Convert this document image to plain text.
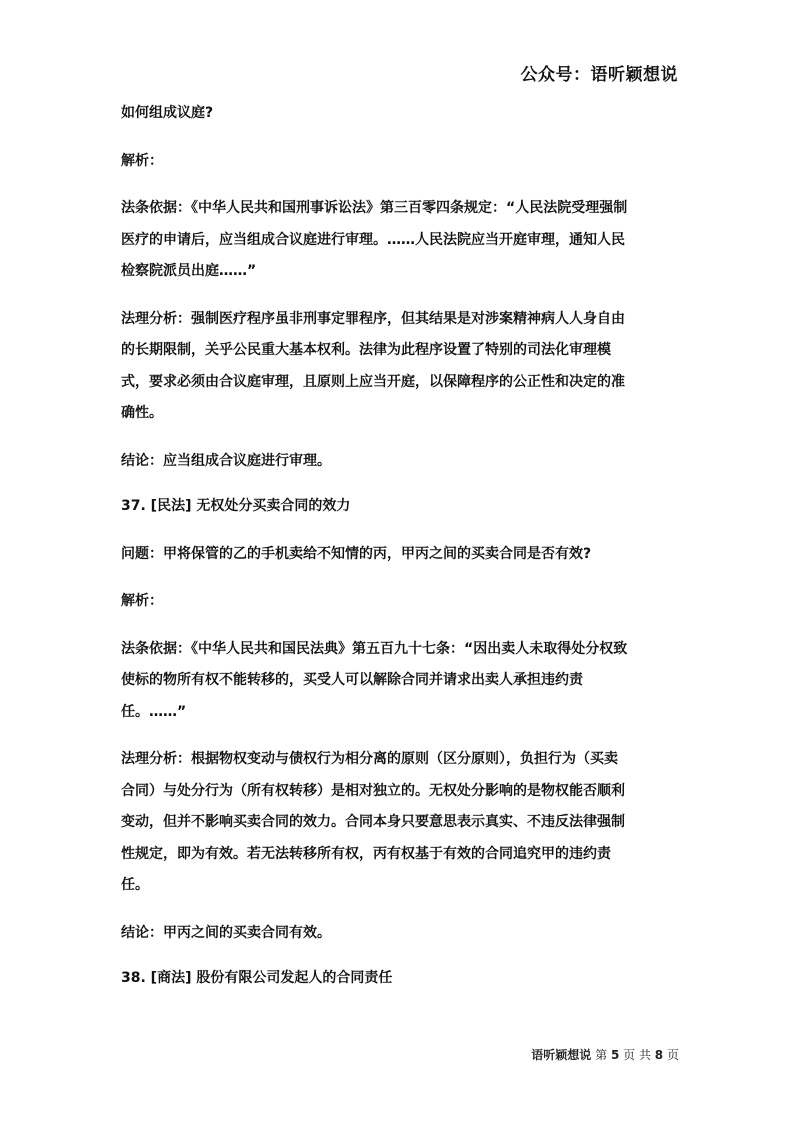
公众号：语听颖想说

如何组成议庭?

解析：

法条依据：《中华人民共和国刑事诉讼法》第三百零四条规定：“人民法院受理强制医疗的申请后，应当组成合议庭进行审理。……人民法院应当开庭审理，通知人民检察院派员出庭……”

法理分析：强制医疗程序虽非刑事定罪程序，但其结果是对涉案精神病人人身自由的长期限制，关乎公民重大基本权利。法律为此程序设置了特别的司法化审理模式，要求必须由合议庭审理，且原则上应当开庭，以保障程序的公正性和决定的准确性。

结论：应当组成合议庭进行审理。

37. [民法] 无权处分买卖合同的效力

问题：甲将保管的乙的手机卖给不知情的丙，甲丙之间的买卖合同是否有效?

解析：

法条依据：《中华人民共和国民法典》第五百九十七条：“因出卖人未取得处分权致使标的物所有权不能转移的，买受人可以解除合同并请求出卖人承担违约责任。……”

法理分析：根据物权变动与债权行为相分离的原则（区分原则），负担行为（买卖合同）与处分行为（所有权转移）是相对独立的。无权处分影响的是物权能否顺利变动，但并不影响买卖合同的效力。合同本身只要意思表示真实、不违反法律强制性规定，即为有效。若无法转移所有权，丙有权基于有效的合同追究甲的违约责任。

结论：甲丙之间的买卖合同有效。

38. [商法] 股份有限公司发起人的合同责任

语听颖想说 第 5 页 共 8 页
